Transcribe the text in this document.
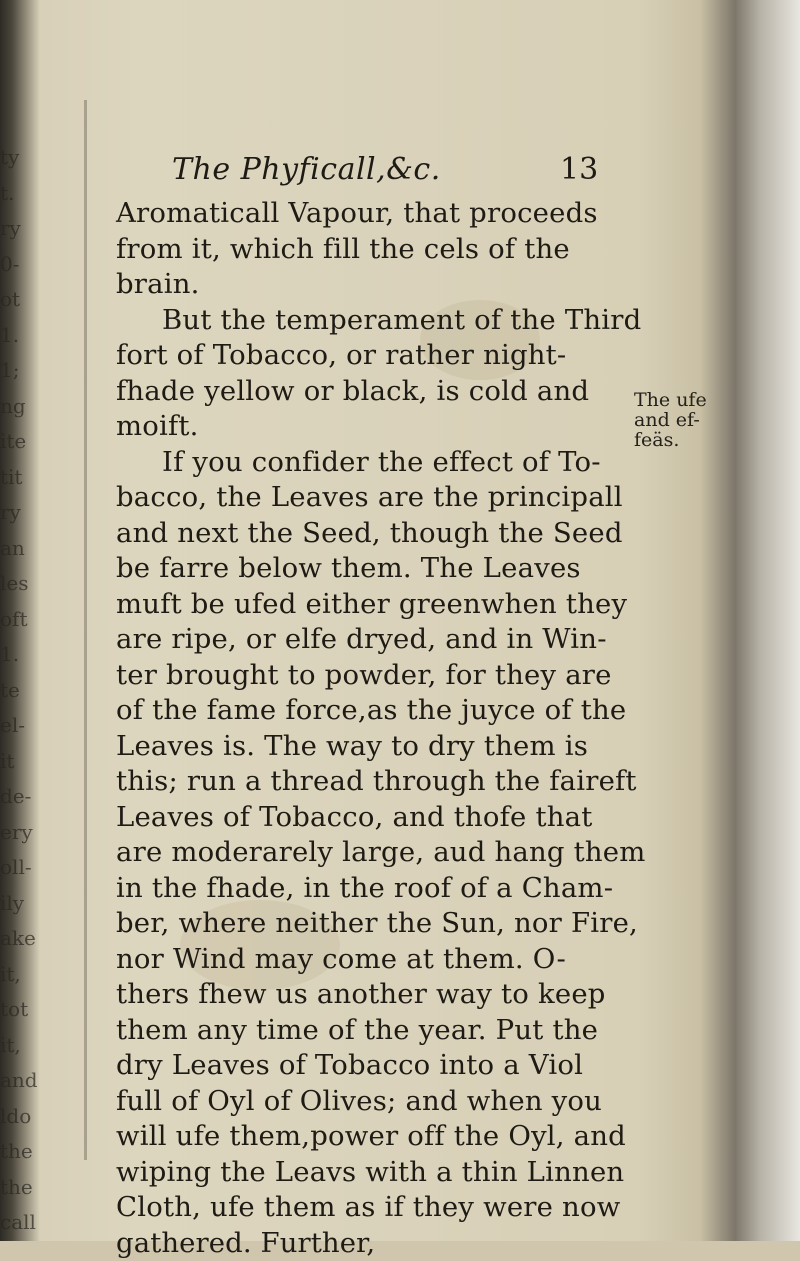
ty
t.
ry
0-
ot
1.
1;
ng
ite
tit
ry
an
les
oft
1.
te
el-
it
de-
ery
oll-
ily
ake
it,
tot
it,
and
ldo
the
the
call
The Phyficall,&c.	13
Aromaticall Vapour, that proceeds
from it, which fill the cels of the
brain.
But the temperament of the Third
fort of Tobacco, or rather night-
fhade yellow or black, is cold and
moift.
If you confider the effect of To-
bacco, the Leaves are the principall
and next the Seed, though the Seed
be farre below them. The Leaves
muft be ufed either greenwhen they
are ripe, or elfe dryed, and in Win-
ter brought to powder, for they are
of the fame force,as the juyce of the
Leaves is. The way to dry them is
this; run a thread through the faireft
Leaves of Tobacco, and thofe that
are moderarely large, aud hang them
in the fhade, in the roof of a Cham-
ber, where neither the Sun, nor Fire,
nor Wind may come at them. O-
thers fhew us another way to keep
them any time of the year. Put the
dry Leaves of Tobacco into a Viol
full of Oyl of Olives; and when you
will ufe them,power off the Oyl, and
wiping the Leavs with a thin Linnen
Cloth, ufe them as if they were now
gathered. Further,
The ufe
and ef-
feäs.
